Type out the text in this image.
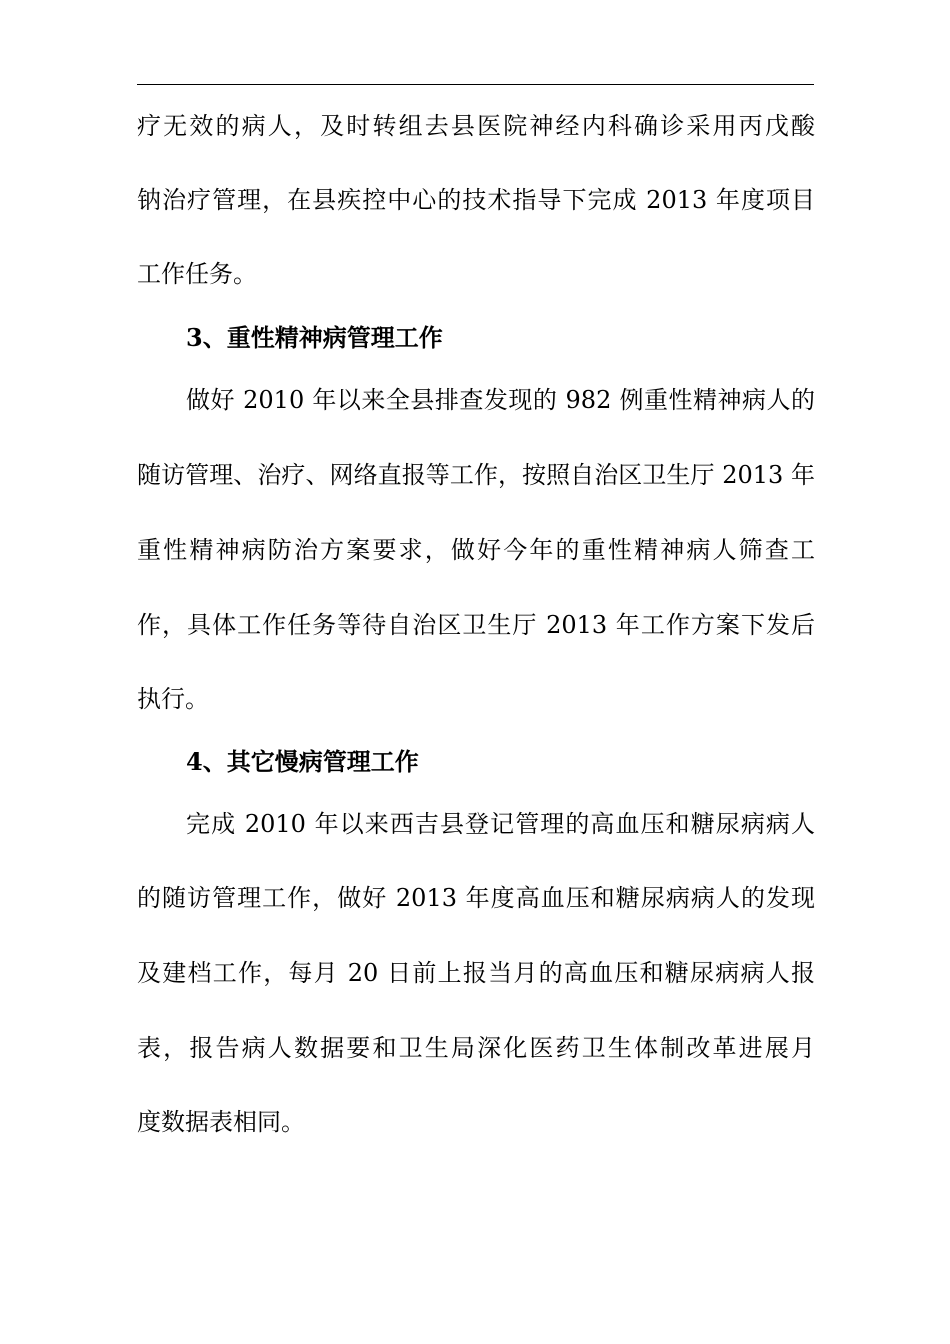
疗无效的病人，及时转组去县医院神经内科确诊采用丙戊酸
钠治疗管理，在县疾控中心的技术指导下完成 2013 年度项目
工作任务。
3、重性精神病管理工作
做好 2010 年以来全县排查发现的 982 例重性精神病人的
随访管理、治疗、网络直报等工作，按照自治区卫生厅 2013 年
重性精神病防治方案要求，做好今年的重性精神病人筛查工
作，具体工作任务等待自治区卫生厅 2013 年工作方案下发后
执行。
4、其它慢病管理工作
完成 2010 年以来西吉县登记管理的高血压和糖尿病病人
的随访管理工作，做好 2013 年度高血压和糖尿病病人的发现
及建档工作，每月 20 日前上报当月的高血压和糖尿病病人报
表，报告病人数据要和卫生局深化医药卫生体制改革进展月
度数据表相同。
